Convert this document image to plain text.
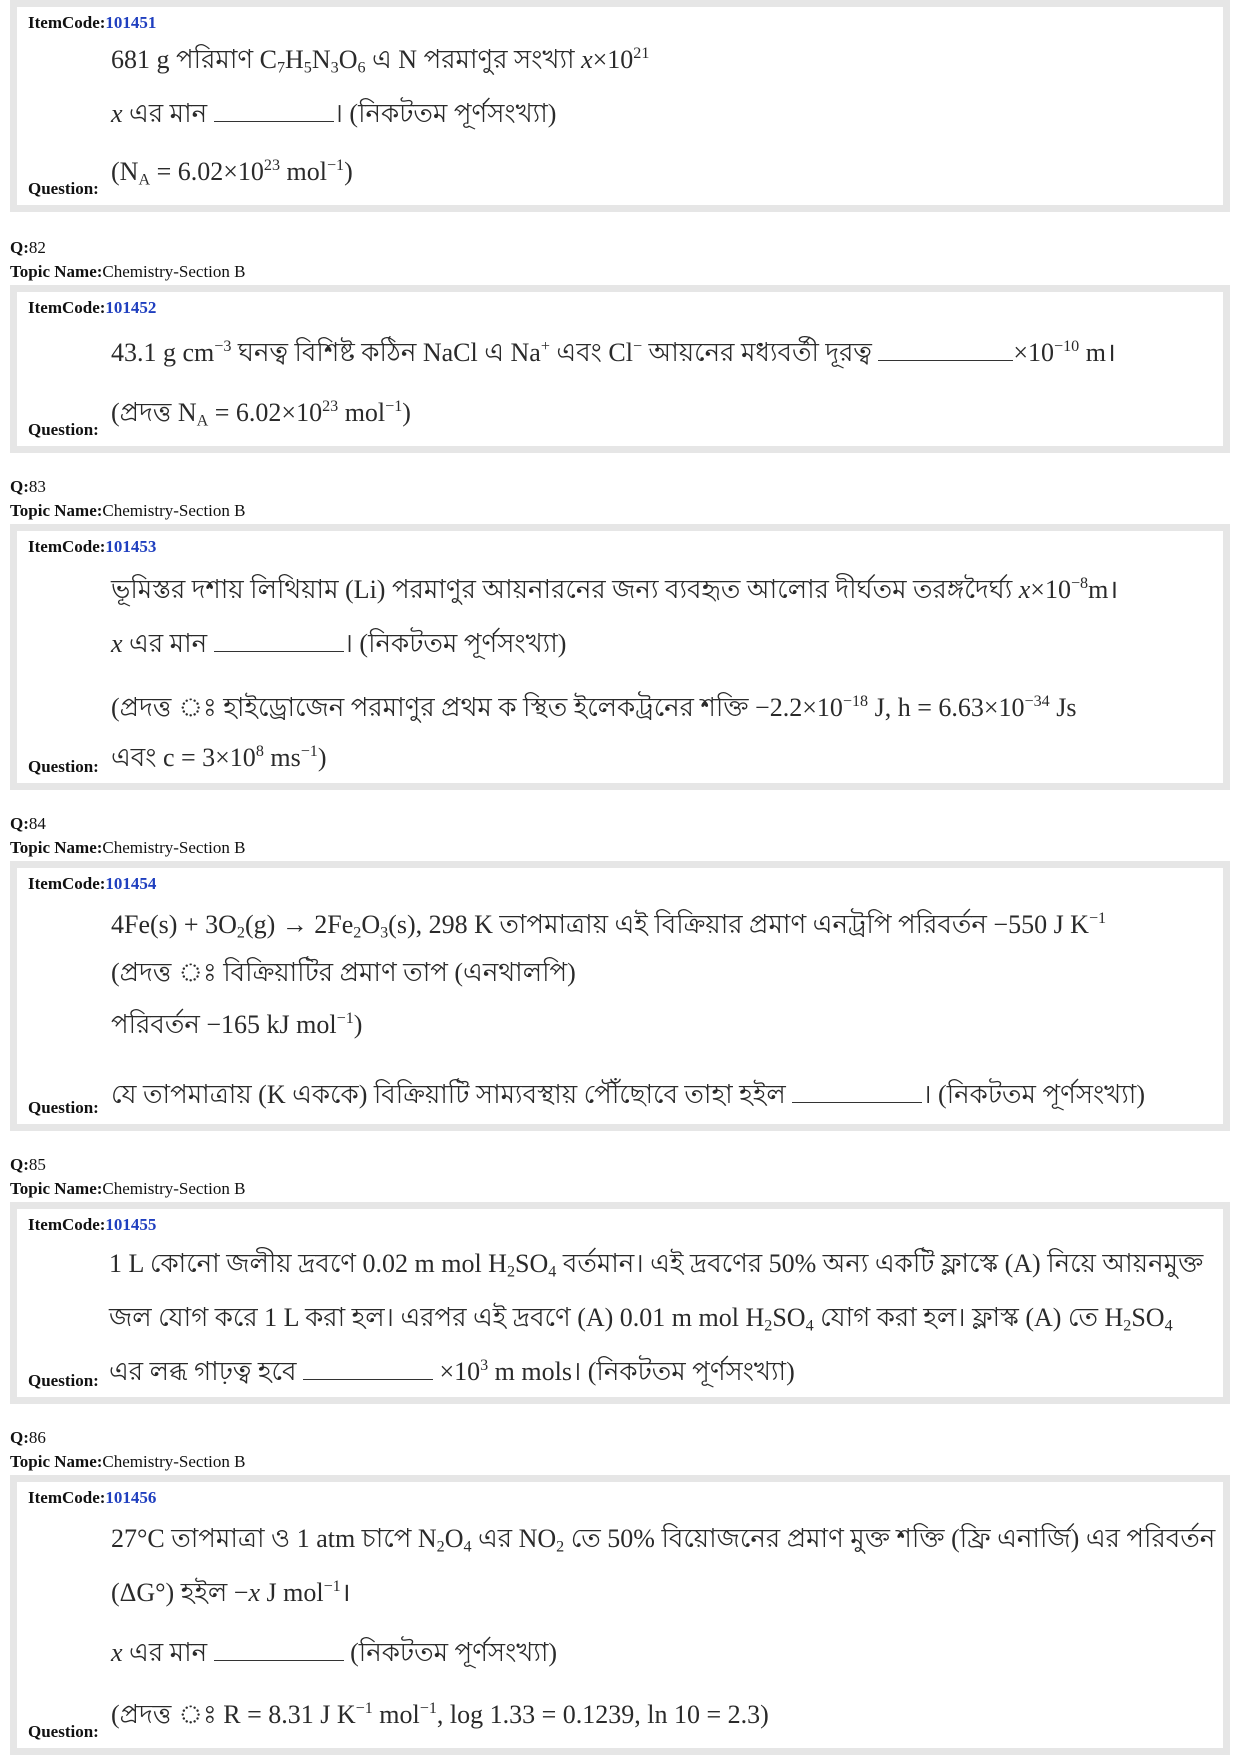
ItemCode:101451
681 g পরিমাণ $C_7H_5N_3O_6$ এ N পরমাণুর সংখ্যা $x\times 10^{21}$
x এর মান	। (নিকটতম পূর্ণসংখ্যা)
($N_A = 6.02\times 10^{23}$ mol$^{-1}$)
Question:
Q:82
Topic Name:Chemistry-Section B
ItemCode:101452
43.1 g $cm^{-3}$ ঘনত্ব বিশিষ্ট কঠিন NaCl এ Na+ এবং Cl− আয়নের মধ্যবর্তী দূরত্ব	$\times 10^{-10}$ m।
(প্রদত্ত $N_A = 6.02\times 10^{23}$ mol$^{-1}$)
Question:
Q:83
Topic Name:Chemistry-Section B
ItemCode:101453
ভূমিস্তর দশায় লিথিয়াম (Li) পরমাণুর আয়নারনের জন্য ব্যবহৃত আলোর দীর্ঘতম তরঙ্গদৈর্ঘ্য $x\times 10^{-8}m।$
x এর মান	। (নিকটতম পূর্ণসংখ্যা)
(প্রদত্ত ঃ হাইড্রোজেন পরমাণুর প্রথম ক স্থিত ইলেকট্রনের শক্তি $-2.2\times 10^{-18}$ J, $h = 6.63\times 10^{-34}$ Js
এবং $c = 3\times 10^8$ $ms^{-1}$)
Question:
Q:84
Topic Name:Chemistry-Section B
ItemCode:101454
$4Fe(s) + 3O_2(g) \to 2Fe_2O_3(s)$, 298 K তাপমাত্রায় এই বিক্রিয়ার প্রমাণ এনট্রপি পরিবর্তন −550 J $K^{-1}$
(প্রদত্ত ঃ বিক্রিয়াটির প্রমাণ তাপ (এনথালপি)
পরিবর্তন −165 kJ mol$^{-1}$)
যে তাপমাত্রায় (K এককে) বিক্রিয়াটি সাম্যবস্থায় পৌঁছোবে তাহা হইল	। (নিকটতম পূর্ণসংখ্যা)
Question:
Q:85
Topic Name:Chemistry-Section B
ItemCode:101455
1 L কোনো জলীয় দ্রবণে 0.02 m mol $H_2SO_4$ বর্তমান। এই দ্রবণের 50% অন্য একটি ফ্লাস্কে (A) নিয়ে আয়নমুক্ত
জল যোগ করে 1 L করা হল। এরপর এই দ্রবণে (A) 0.01 m mol $H_2SO_4$ যোগ করা হল। ফ্লাস্ক (A) তে $H_2SO_4$
এর লব্ধ গাঢ়ত্ব হবে	$\times 10^3$ m mols। (নিকটতম পূর্ণসংখ্যা)
Question:
Q:86
Topic Name:Chemistry-Section B
ItemCode:101456
27°C তাপমাত্রা ও 1 atm চাপে $N_2O_4$ এর $NO_2$ তে 50% বিয়োজনের প্রমাণ মুক্ত শক্তি (ফ্রি এনার্জি) এর পরিবর্তন
(ΔG°) হইল −x J mol$^{-1}$।
x এর মান	(নিকটতম পূর্ণসংখ্যা)
(প্রদত্ত ঃ R = 8.31 J $K^{-1}$ mol$^{-1}$, log 1.33 = 0.1239, ln 10 = 2.3)
Question:
